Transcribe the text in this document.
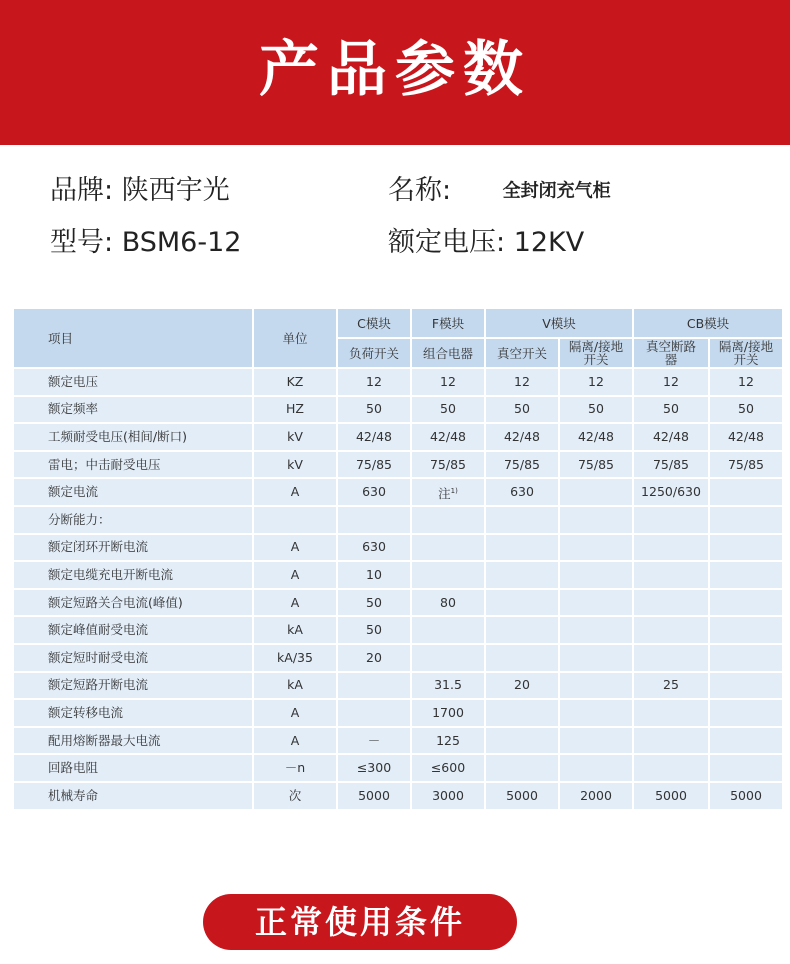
产品参数
品牌: 陕西宇光
型号: BSM6-12
名称:	全封闭充气柜
额定电压: 12KV
项目	单位	C模块	F模块	V模块		CB模块	
		负荷开关	组合电器	真空开关	隔离/接地开关	真空断路器	隔离/接地开关
额定电压	KZ	12	12	12	12	12	12
额定频率	HZ	50	50	50	50	50	50
工频耐受电压(相间/断口)	kV	42/48	42/48	42/48	42/48	42/48	42/48
雷电；中击耐受电压	kV	75/85	75/85	75/85	75/85	75/85	75/85
额定电流	A	630	注$^{1)}$	630		1250/630	
分断能力：							
额定闭环开断电流	A	630					
额定电缆充电开断电流	A	10					
额定短路关合电流(峰值)	A	50	80				
额定峰值耐受电流	kA	50					
额定短时耐受电流	kA/35	20					
额定短路开断电流	kA		31.5	20		25	
额定转移电流	A		1700				
配用熔断器最大电流	A	－	125				
回路电阻	－n	≤300	≤600				
机械寿命	次	5000	3000	5000	2000	5000	5000
正常使用条件
